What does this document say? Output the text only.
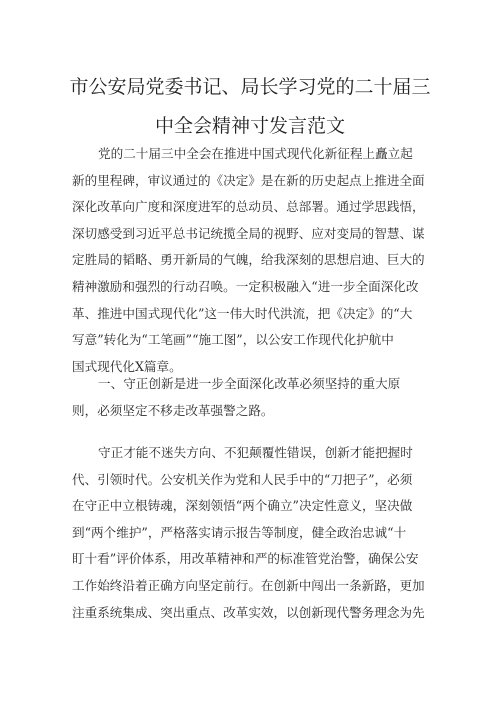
市公安局党委书记、局长学习党的二十届三
中全会精神寸发言范文
党的二十届三中全会在推进中国式现代化新征程上矗立起
新的里程碑，审议通过的《决定》是在新的历史起点上推进全面
深化改革向广度和深度进军的总动员、总部署。通过学思践悟，
深切感受到习近平总书记统揽全局的视野、应对变局的智慧、谋
定胜局的韬略、勇开新局的气魄，给我深刻的思想启迪、巨大的
精神激励和强烈的行动召唤。一定积极融入“进一步全面深化改
革、推进中国式现代化”这一伟大时代洪流，把《决定》的“大
写意”转化为“工笔画”“施工图”，以公安工作现代化护航中
国式现代化X篇章。
一、守正创新是进一步全面深化改革必须坚持的重大原
则，必须坚定不移走改革强警之路。
守正才能不迷失方向、不犯颠覆性错误，创新才能把握时
代、引领时代。公安机关作为党和人民手中的“刀把子”，必须
在守正中立根铸魂，深刻领悟“两个确立”决定性意义，坚决做
到“两个维护”，严格落实请示报告等制度，健全政治忠诚“十
盯十看”评价体系，用改革精神和严的标准管党治警，确保公安
工作始终沿着正确方向坚定前行。在创新中闯出一条新路，更加
注重系统集成、突出重点、改革实效，以创新现代警务理念为先
